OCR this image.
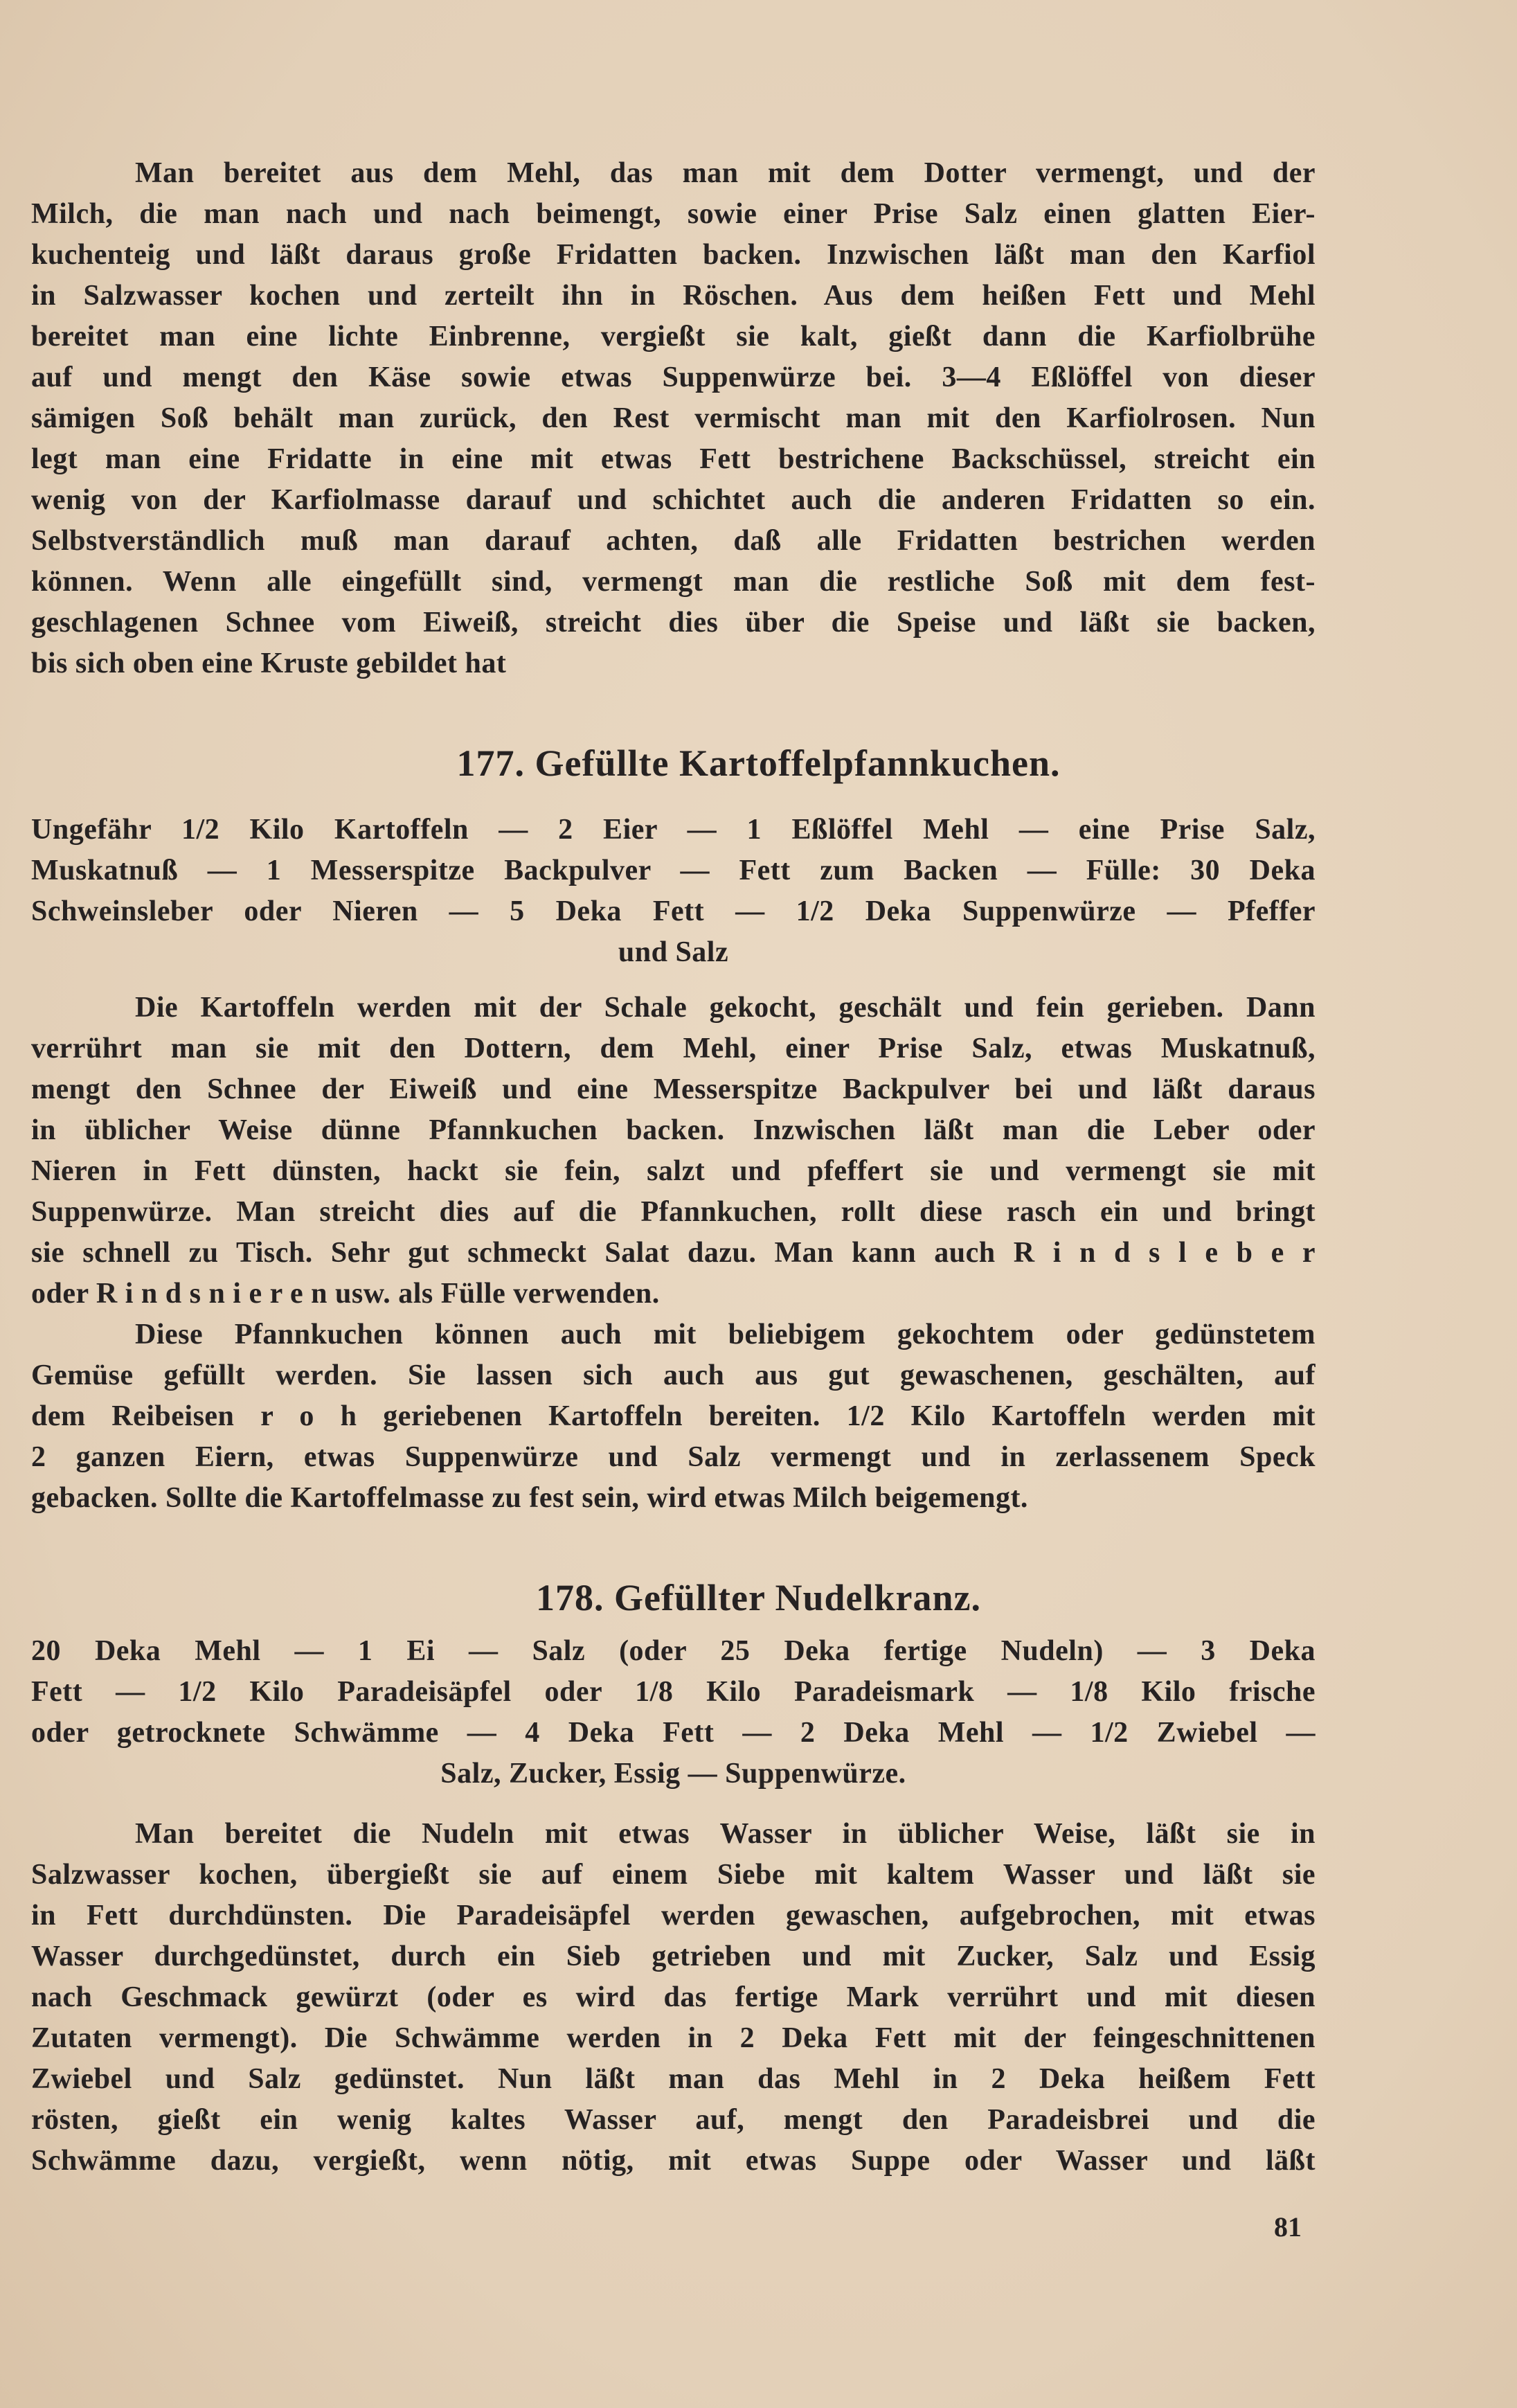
Man bereitet aus dem Mehl, das man mit dem Dotter vermengt, und der
Milch, die man nach und nach beimengt, sowie einer Prise Salz einen glatten Eier-
kuchenteig und läßt daraus große Fridatten backen. Inzwischen läßt man den Karfiol
in Salzwasser kochen und zerteilt ihn in Röschen. Aus dem heißen Fett und Mehl
bereitet man eine lichte Einbrenne, vergießt sie kalt, gießt dann die Karfiolbrühe
auf und mengt den Käse sowie etwas Suppenwürze bei. 3—4 Eßlöffel von dieser
sämigen Soß behält man zurück, den Rest vermischt man mit den Karfiolrosen. Nun
legt man eine Fridatte in eine mit etwas Fett bestrichene Backschüssel, streicht ein
wenig von der Karfiolmasse darauf und schichtet auch die anderen Fridatten so ein.
Selbstverständlich muß man darauf achten, daß alle Fridatten bestrichen werden
können. Wenn alle eingefüllt sind, vermengt man die restliche Soß mit dem fest-
geschlagenen Schnee vom Eiweiß, streicht dies über die Speise und läßt sie backen,
bis sich oben eine Kruste gebildet hat
177. Gefüllte Kartoffelpfannkuchen.
Ungefähr 1/2 Kilo Kartoffeln — 2 Eier — 1 Eßlöffel Mehl — eine Prise Salz,
Muskatnuß — 1 Messerspitze Backpulver — Fett zum Backen — Fülle: 30 Deka
Schweinsleber oder Nieren — 5 Deka Fett — 1/2 Deka Suppenwürze — Pfeffer
und Salz
Die Kartoffeln werden mit der Schale gekocht, geschält und fein gerieben. Dann
verrührt man sie mit den Dottern, dem Mehl, einer Prise Salz, etwas Muskatnuß,
mengt den Schnee der Eiweiß und eine Messerspitze Backpulver bei und läßt daraus
in üblicher Weise dünne Pfannkuchen backen. Inzwischen läßt man die Leber oder
Nieren in Fett dünsten, hackt sie fein, salzt und pfeffert sie und vermengt sie mit
Suppenwürze. Man streicht dies auf die Pfannkuchen, rollt diese rasch ein und bringt
sie schnell zu Tisch. Sehr gut schmeckt Salat dazu. Man kann auch R i n d s l e b e r
oder R i n d s n i e r e n usw. als Fülle verwenden.
Diese Pfannkuchen können auch mit beliebigem gekochtem oder gedünstetem
Gemüse gefüllt werden. Sie lassen sich auch aus gut gewaschenen, geschälten, auf
dem Reibeisen r o h geriebenen Kartoffeln bereiten. 1/2 Kilo Kartoffeln werden mit
2 ganzen Eiern, etwas Suppenwürze und Salz vermengt und in zerlassenem Speck
gebacken. Sollte die Kartoffelmasse zu fest sein, wird etwas Milch beigemengt.
178. Gefüllter Nudelkranz.
20 Deka Mehl — 1 Ei — Salz (oder 25 Deka fertige Nudeln) — 3 Deka
Fett — 1/2 Kilo Paradeisäpfel oder 1/8 Kilo Paradeismark — 1/8 Kilo frische
oder getrocknete Schwämme — 4 Deka Fett — 2 Deka Mehl — 1/2 Zwiebel —
Salz, Zucker, Essig — Suppenwürze.
Man bereitet die Nudeln mit etwas Wasser in üblicher Weise, läßt sie in
Salzwasser kochen, übergießt sie auf einem Siebe mit kaltem Wasser und läßt sie
in Fett durchdünsten. Die Paradeisäpfel werden gewaschen, aufgebrochen, mit etwas
Wasser durchgedünstet, durch ein Sieb getrieben und mit Zucker, Salz und Essig
nach Geschmack gewürzt (oder es wird das fertige Mark verrührt und mit diesen
Zutaten vermengt). Die Schwämme werden in 2 Deka Fett mit der feingeschnittenen
Zwiebel und Salz gedünstet. Nun läßt man das Mehl in 2 Deka heißem Fett
rösten, gießt ein wenig kaltes Wasser auf, mengt den Paradeisbrei und die
Schwämme dazu, vergießt, wenn nötig, mit etwas Suppe oder Wasser und läßt
81
